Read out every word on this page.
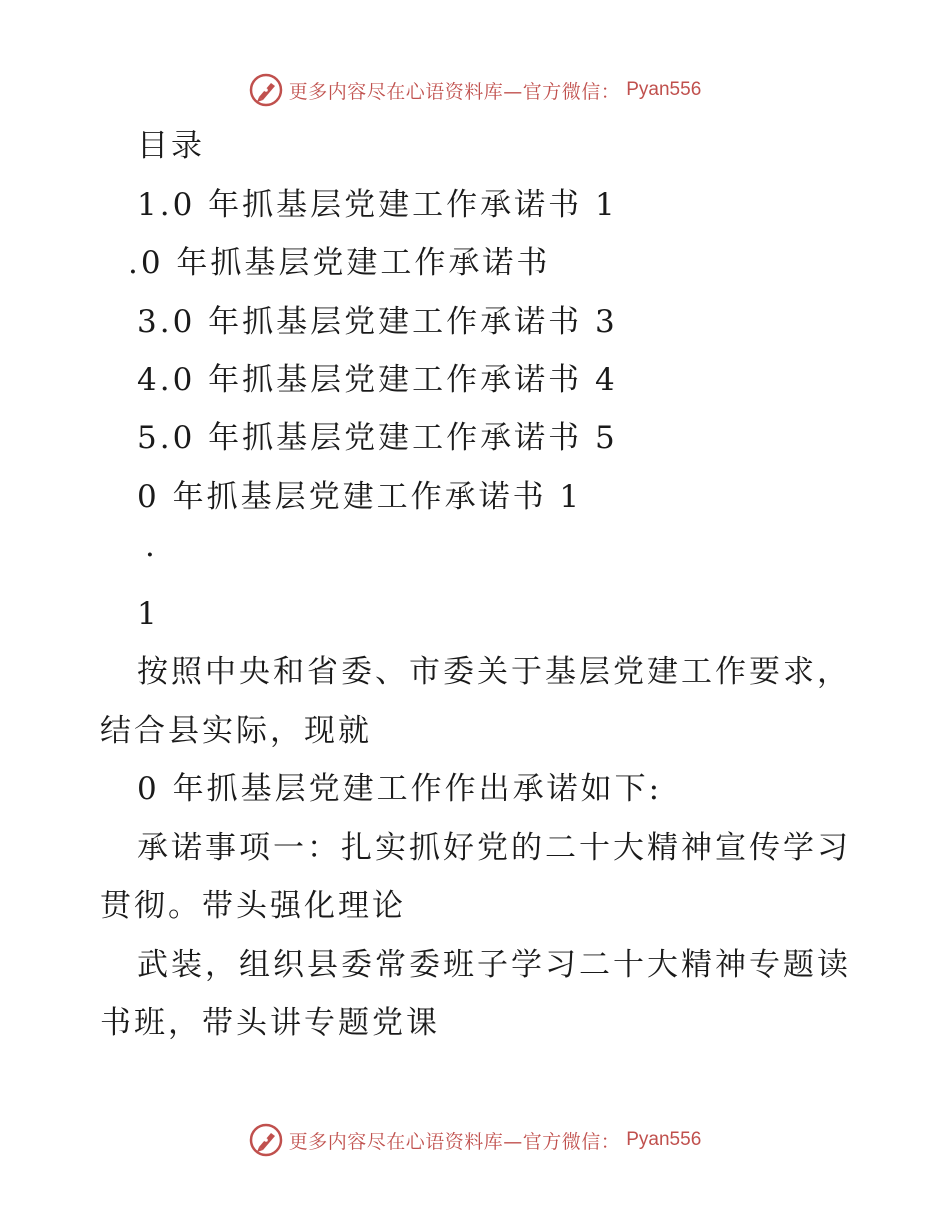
更多内容尽在心语资料库—官方微信： Pyan556
目录
1.0 年抓基层党建工作承诺书 1
.0 年抓基层党建工作承诺书
3.0 年抓基层党建工作承诺书 3
4.0 年抓基层党建工作承诺书 4
5.0 年抓基层党建工作承诺书 5
0 年抓基层党建工作承诺书 1
·
1
按照中央和省委、市委关于基层党建工作要求，
结合县实际，现就
0 年抓基层党建工作作出承诺如下:
承诺事项一：扎实抓好党的二十大精神宣传学习
贯彻。带头强化理论
武装，组织县委常委班子学习二十大精神专题读
书班，带头讲专题党课
更多内容尽在心语资料库—官方微信： Pyan556
